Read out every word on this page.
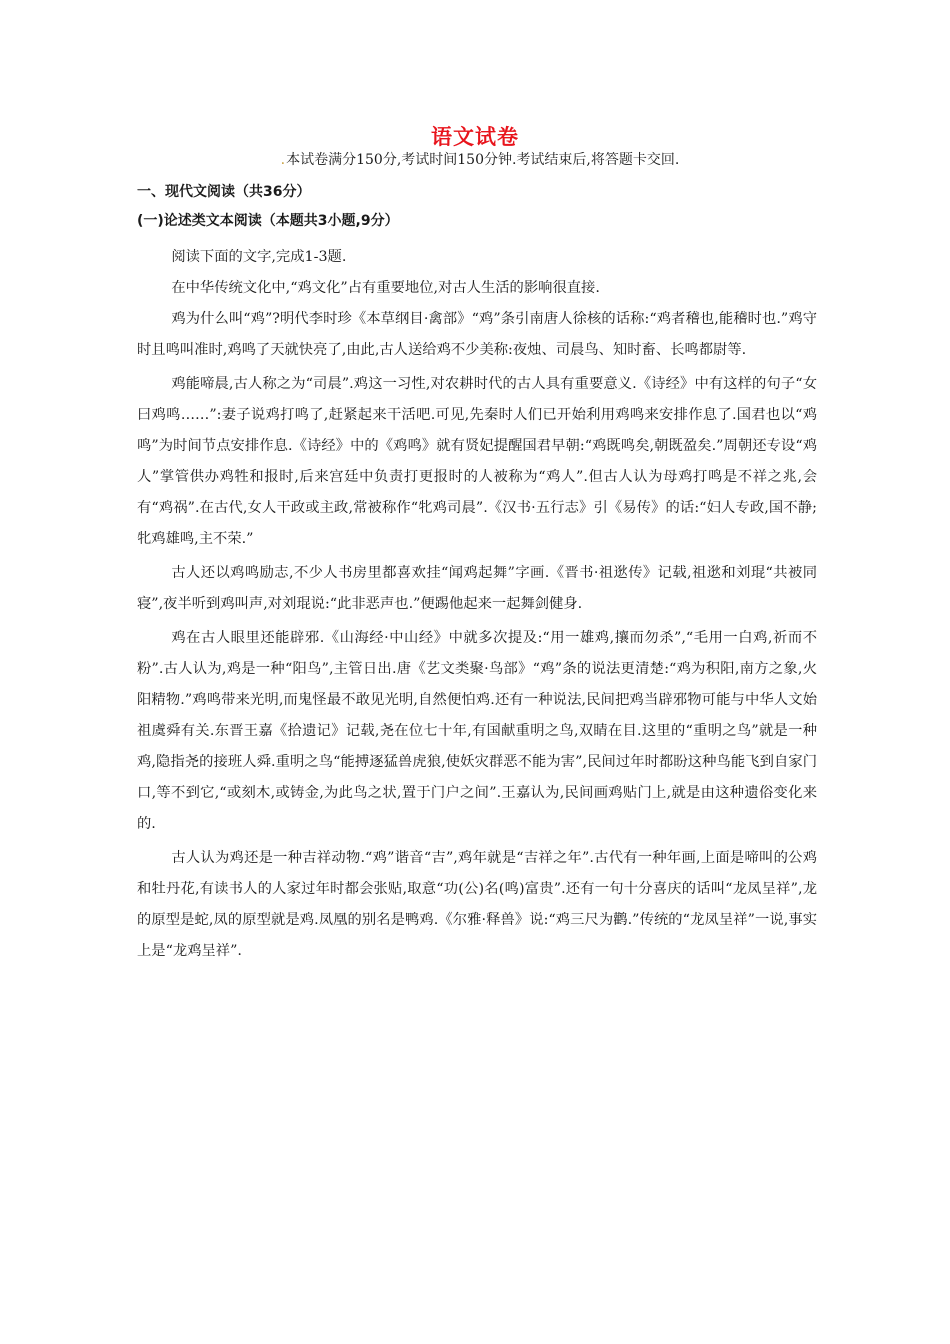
语文试卷
.本试卷满分150分,考试时间150分钟.考试结束后,将答题卡交回.
一、现代文阅读（共36分）
(一)论述类文本阅读（本题共3小题,9分）

阅读下面的文字,完成1-3题.

在中华传统文化中,“鸡文化”占有重要地位,对古人生活的影响很直接.

鸡为什么叫“鸡”?明代李时珍《本草纲目·禽部》“鸡”条引南唐人徐核的话称:“鸡者稽也,能稽时也.”鸡守时且鸣叫准时,鸡鸣了天就快亮了,由此,古人送给鸡不少美称:夜烛、司晨鸟、知时畜、长鸣都尉等.

鸡能啼晨,古人称之为“司晨”.鸡这一习性,对农耕时代的古人具有重要意义.《诗经》中有这样的句子“女曰鸡鸣……”:妻子说鸡打鸣了,赶紧起来干活吧.可见,先秦时人们已开始利用鸡鸣来安排作息了.国君也以“鸡鸣”为时间节点安排作息.《诗经》中的《鸡鸣》就有贤妃提醒国君早朝:“鸡既鸣矣,朝既盈矣.”周朝还专设“鸡人”掌管供办鸡牲和报时,后来宫廷中负责打更报时的人被称为“鸡人”.但古人认为母鸡打鸣是不祥之兆,会有“鸡祸”.在古代,女人干政或主政,常被称作“牝鸡司晨”.《汉书·五行志》引《易传》的话:“妇人专政,国不静;牝鸡雄鸣,主不荣.”

古人还以鸡鸣励志,不少人书房里都喜欢挂“闻鸡起舞”字画.《晋书·祖逖传》记载,祖逖和刘琨“共被同寝”,夜半听到鸡叫声,对刘琨说:“此非恶声也.”便踢他起来一起舞剑健身.

鸡在古人眼里还能辟邪.《山海经·中山经》中就多次提及:“用一雄鸡,攘而勿杀”,“毛用一白鸡,祈而不粉”.古人认为,鸡是一种“阳鸟”,主管日出.唐《艺文类聚·鸟部》“鸡”条的说法更清楚:“鸡为积阳,南方之象,火阳精物.”鸡鸣带来光明,而鬼怪最不敢见光明,自然便怕鸡.还有一种说法,民间把鸡当辟邪物可能与中华人文始祖虞舜有关.东晋王嘉《拾遗记》记载,尧在位七十年,有国献重明之鸟,双睛在目.这里的“重明之鸟”就是一种鸡,隐指尧的接班人舜.重明之鸟“能搏逐猛兽虎狼,使妖灾群恶不能为害”,民间过年时都盼这种鸟能飞到自家门口,等不到它,“或刻木,或铸金,为此鸟之状,置于门户之间”.王嘉认为,民间画鸡贴门上,就是由这种遗俗变化来的.

古人认为鸡还是一种吉祥动物.“鸡”谐音“吉”,鸡年就是“吉祥之年”.古代有一种年画,上面是啼叫的公鸡和牡丹花,有读书人的人家过年时都会张贴,取意“功(公)名(鸣)富贵”.还有一句十分喜庆的话叫“龙凤呈祥”,龙的原型是蛇,凤的原型就是鸡.凤凰的别名是鸭鸡.《尔雅·释兽》说:“鸡三尺为鹳.”传统的“龙凤呈祥”一说,事实上是“龙鸡呈祥”.
